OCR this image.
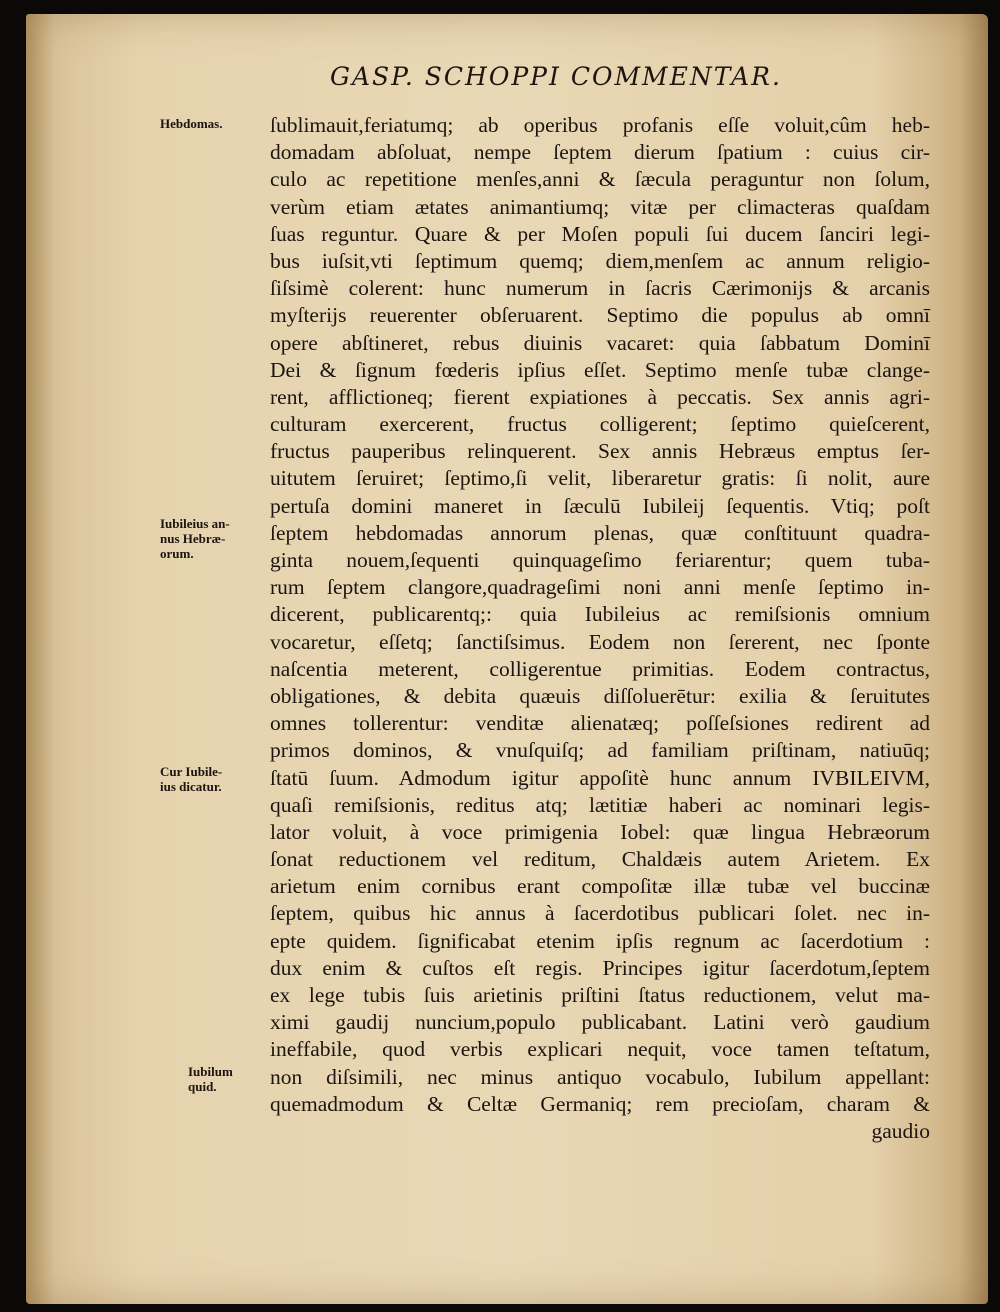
GASP. SCHOPPI COMMENTAR.
ſublimauit,feriatumq; ab operibus profanis eſſe voluit,cûm heb-
domadam abſoluat, nempe ſeptem dierum ſpatium : cuius cir-
culo ac repetitione menſes,anni & ſæcula peraguntur non ſolum,
verùm etiam ætates animantiumq; vitæ per climacteras quaſdam
ſuas reguntur. Quare & per Moſen populi ſui ducem ſanciri legi-
bus iuſsit,vti ſeptimum quemq; diem,menſem ac annum religio-
ſiſsimè colerent: hunc numerum in ſacris Cærimonijs & arcanis
myſterijs reuerenter obſeruarent. Septimo die populus ab omnī
opere abſtineret, rebus diuinis vacaret: quia ſabbatum Dominī
Dei & ſignum fœderis ipſius eſſet. Septimo menſe tubæ clange-
rent, afflictioneq; fierent expiationes à peccatis. Sex annis agri-
culturam exercerent, fructus colligerent; ſeptimo quieſcerent,
fructus pauperibus relinquerent. Sex annis Hebræus emptus ſer-
uitutem ſeruiret; ſeptimo,ſi velit, liberaretur gratis: ſi nolit, aure
pertuſa domini maneret in ſæculū Iubileij ſequentis. Vtiq; poſt
ſeptem hebdomadas annorum plenas, quæ conſtituunt quadra-
ginta nouem,ſequenti quinquageſimo feriarentur; quem tuba-
rum ſeptem clangore,quadrageſimi noni anni menſe ſeptimo in-
dicerent, publicarentq;: quia Iubileius ac remiſsionis omnium
vocaretur, eſſetq; ſanctiſsimus. Eodem non ſererent, nec ſponte
naſcentia meterent, colligerentue primitias. Eodem contractus,
obligationes, & debita quæuis diſſoluerētur: exilia & ſeruitutes
omnes tollerentur: venditæ alienatæq; poſſeſsiones redirent ad
primos dominos, & vnuſquiſq; ad familiam priſtinam, natiuūq;
ſtatū ſuum. Admodum igitur appoſitè hunc annum IVBILEIVM,
quaſi remiſsionis, reditus atq; lætitiæ haberi ac nominari legis-
lator voluit, à voce primigenia Iobel: quæ lingua Hebræorum
ſonat reductionem vel reditum, Chaldæis autem Arietem. Ex
arietum enim cornibus erant compoſitæ illæ tubæ vel buccinæ
ſeptem, quibus hic annus à ſacerdotibus publicari ſolet. nec in-
epte quidem. ſignificabat etenim ipſis regnum ac ſacerdotium :
dux enim & cuſtos eſt regis. Principes igitur ſacerdotum,ſeptem
ex lege tubis ſuis arietinis priſtini ſtatus reductionem, velut ma-
ximi gaudij nuncium,populo publicabant. Latini verò gaudium
ineffabile, quod verbis explicari nequit, voce tamen teſtatum,
non diſsimili, nec minus antiquo vocabulo, Iubilum appellant:
quemadmodum & Celtæ Germaniq; rem precioſam, charam &
gaudio
Hebdomas.
Iubileius an-
nus Hebræ-
orum.
Cur Iubile-
ius dicatur.
Iubilum
quid.
